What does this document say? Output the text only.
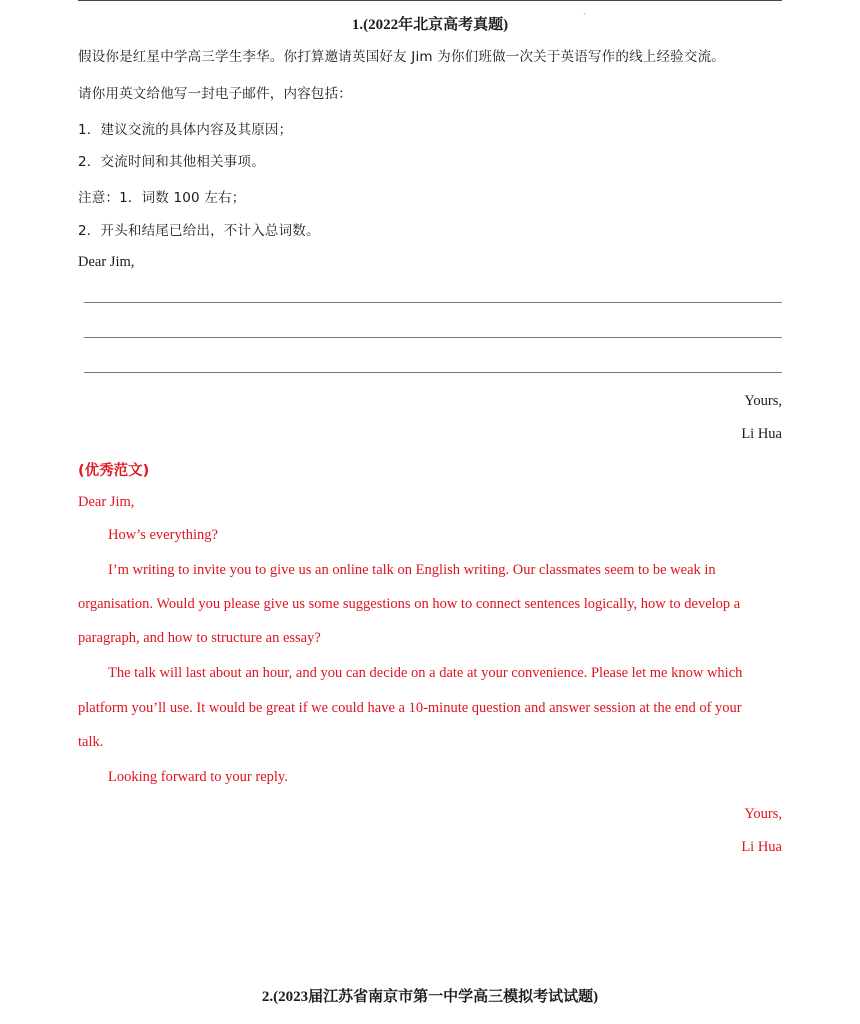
·
1.(2022年北京高考真题)
假设你是红星中学高三学生李华。你打算邀请英国好友 Jim 为你们班做一次关于英语写作的线上经验交流。
请你用英文给他写一封电子邮件，内容包括：
1．建议交流的具体内容及其原因；
2．交流时间和其他相关事项。
注意：1．词数 100 左右；
2．开头和结尾已给出，不计入总词数。
Dear Jim,
Yours,
Li Hua
(优秀范文)
Dear Jim,
How’s everything?
I’m writing to invite you to give us an online talk on English writing. Our classmates seem to be weak in
organisation. Would you please give us some suggestions on how to connect sentences logically, how to develop a
paragraph, and how to structure an essay?
The talk will last about an hour, and you can decide on a date at your convenience. Please let me know which
platform you’ll use. It would be great if we could have a 10-minute question and answer session at the end of your
talk.
Looking forward to your reply.
Yours,
Li Hua
2.(2023届江苏省南京市第一中学高三模拟考试试题)
